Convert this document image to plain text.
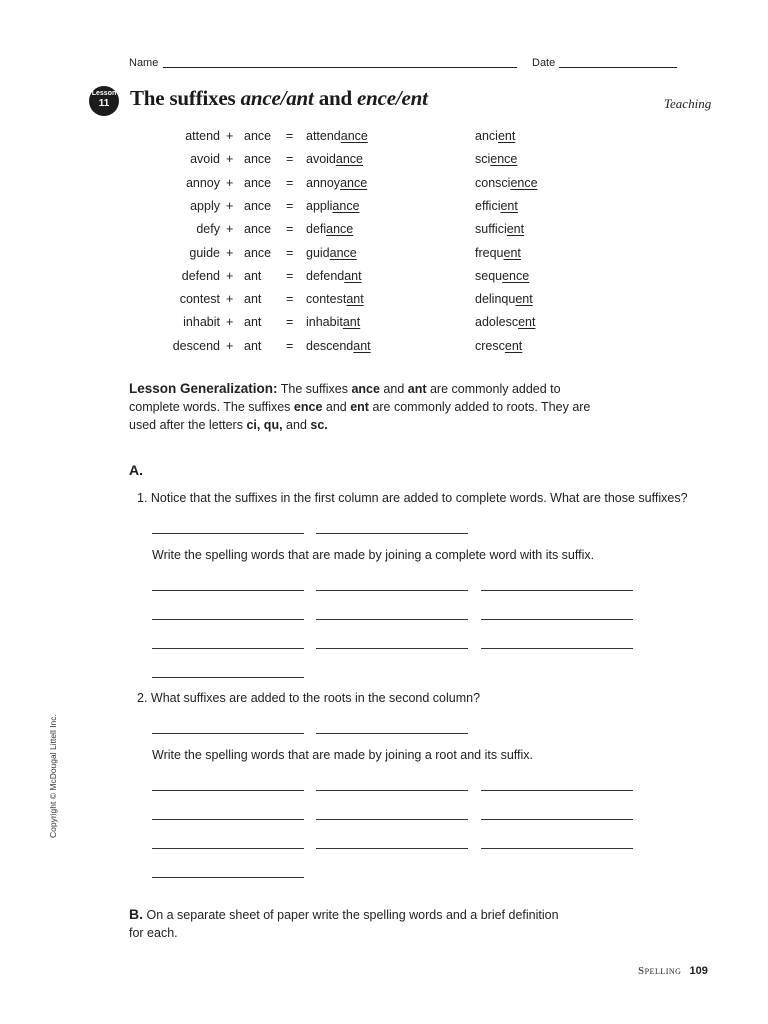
Name	Date
Lesson
11 The suffixes ance/ant and ence/ent	Teaching
attend + ance = attendance	ancient
avoid + ance = avoidance	science
annoy + ance = annoyance	conscience
apply + ance = appliance	efficient
defy + ance = defiance	sufficient
guide + ance = guidance	frequent
defend + ant = defendant	sequence
contest + ant = contestant	delinquent
inhabit + ant = inhabitant	adolescent
descend + ant = descendant	crescent
Lesson Generalization: The suffixes ance and ant are commonly added to complete words. The suffixes ence and ent are commonly added to roots. They are used after the letters ci, qu, and sc.
A.
1. Notice that the suffixes in the first column are added to complete words. What are those suffixes?
Write the spelling words that are made by joining a complete word with its suffix.
2. What suffixes are added to the roots in the second column?
Write the spelling words that are made by joining a root and its suffix.
B. On a separate sheet of paper write the spelling words and a brief definition for each.
Copyright © McDougal Littell Inc.
Spelling 109
